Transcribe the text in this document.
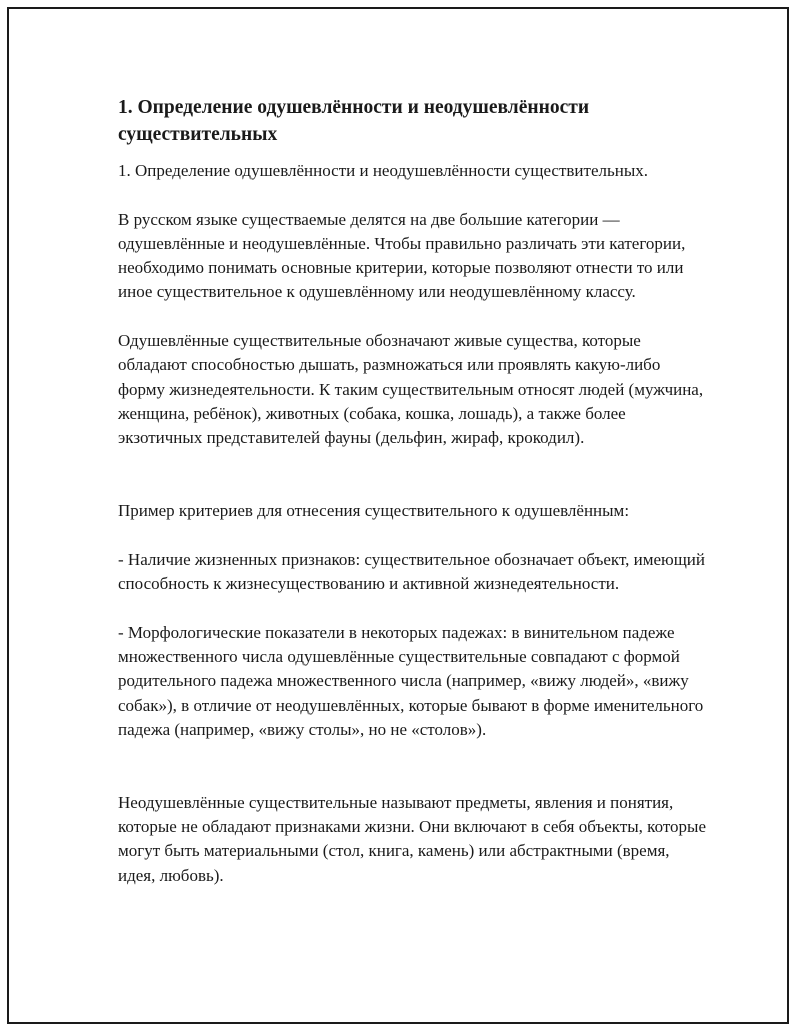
1. Определение одушевлённости и неодушевлённости существительных

1. Определение одушевлённости и неодушевлённости существительных.

В русском языке существаемые делятся на две большие категории — одушевлённые и неодушевлённые. Чтобы правильно различать эти категории, необходимо понимать основные критерии, которые позволяют отнести то или иное существительное к одушевлённому или неодушевлённому классу.

Одушевлённые существительные обозначают живые существа, которые обладают способностью дышать, размножаться или проявлять какую-либо форму жизнедеятельности. К таким существительным относят людей (мужчина, женщина, ребёнок), животных (собака, кошка, лошадь), а также более экзотичных представителей фауны (дельфин, жираф, крокодил).

Пример критериев для отнесения существительного к одушевлённым:

- Наличие жизненных признаков: существительное обозначает объект, имеющий способность к жизнесуществованию и активной жизнедеятельности.

- Морфологические показатели в некоторых падежах: в винительном падеже множественного числа одушевлённые существительные совпадают с формой родительного падежа множественного числа (например, «вижу людей», «вижу собак»), в отличие от неодушевлённых, которые бывают в форме именительного падежа (например, «вижу столы», но не «столов»).

Неодушевлённые существительные называют предметы, явления и понятия, которые не обладают признаками жизни. Они включают в себя объекты, которые могут быть материальными (стол, книга, камень) или абстрактными (время, идея, любовь).
